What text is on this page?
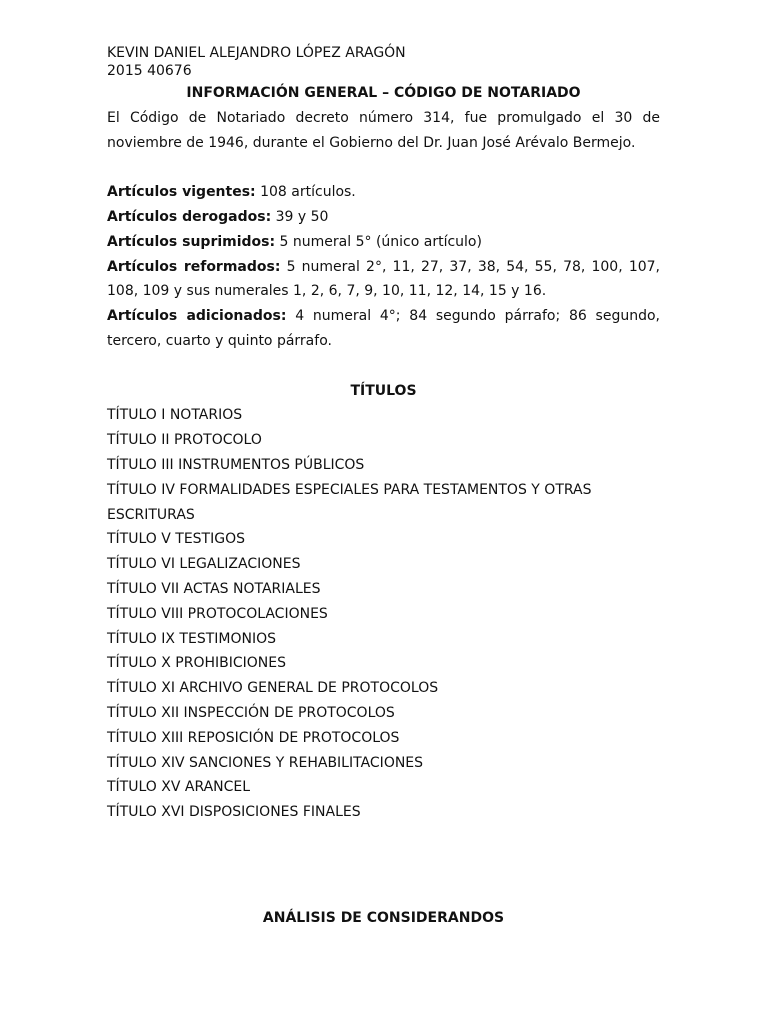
KEVIN DANIEL ALEJANDRO LÓPEZ ARAGÓN
2015 40676
INFORMACIÓN GENERAL – CÓDIGO DE NOTARIADO
El Código de Notariado decreto número 314, fue promulgado el 30 de noviembre de 1946, durante el Gobierno del Dr. Juan José Arévalo Bermejo.
Artículos vigentes: 108 artículos.
Artículos derogados: 39 y 50
Artículos suprimidos: 5 numeral 5° (único artículo)
Artículos reformados: 5 numeral 2°, 11, 27, 37, 38, 54, 55, 78, 100, 107, 108, 109 y sus numerales 1, 2, 6, 7, 9, 10, 11, 12, 14, 15 y 16.
Artículos adicionados: 4 numeral 4°; 84 segundo párrafo; 86 segundo, tercero, cuarto y quinto párrafo.
TÍTULOS
TÍTULO I NOTARIOS
TÍTULO II PROTOCOLO
TÍTULO III INSTRUMENTOS PÚBLICOS
TÍTULO IV FORMALIDADES ESPECIALES PARA TESTAMENTOS Y OTRAS ESCRITURAS
TÍTULO V TESTIGOS
TÍTULO VI LEGALIZACIONES
TÍTULO VII ACTAS NOTARIALES
TÍTULO VIII PROTOCOLACIONES
TÍTULO IX TESTIMONIOS
TÍTULO X PROHIBICIONES
TÍTULO XI ARCHIVO GENERAL DE PROTOCOLOS
TÍTULO XII INSPECCIÓN DE PROTOCOLOS
TÍTULO XIII REPOSICIÓN DE PROTOCOLOS
TÍTULO XIV SANCIONES Y REHABILITACIONES
TÍTULO XV ARANCEL
TÍTULO XVI DISPOSICIONES FINALES
ANÁLISIS DE CONSIDERANDOS
